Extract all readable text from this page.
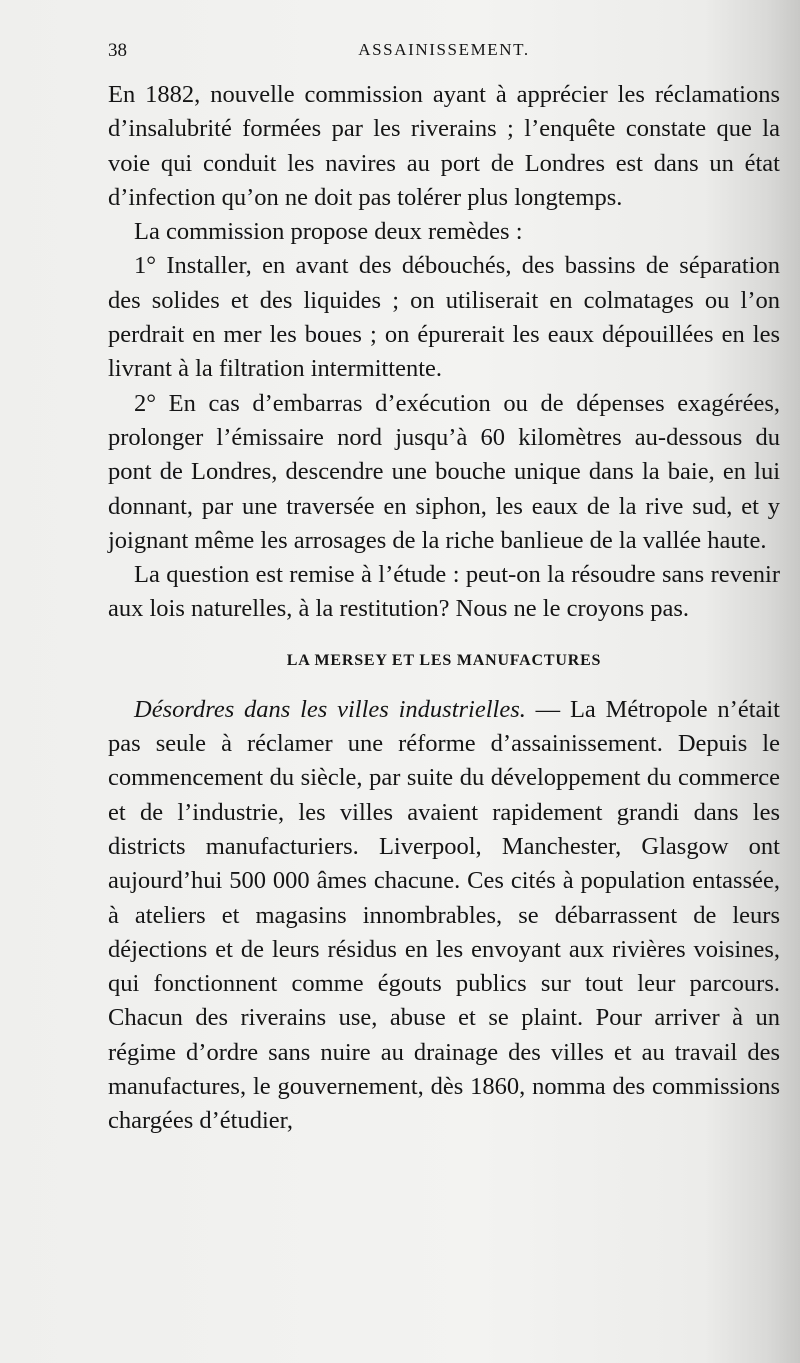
38	ASSAINISSEMENT.

En 1882, nouvelle commission ayant à apprécier les réclamations d’insalubrité formées par les riverains ; l’enquête constate que la voie qui conduit les navires au port de Londres est dans un état d’infection qu’on ne doit pas tolérer plus longtemps.

La commission propose deux remèdes :

1° Installer, en avant des débouchés, des bassins de séparation des solides et des liquides ; on utiliserait en colmatages ou l’on perdrait en mer les boues ; on épurerait les eaux dépouillées en les livrant à la filtration intermittente.

2° En cas d’embarras d’exécution ou de dépenses exagérées, prolonger l’émissaire nord jusqu’à 60 kilomètres au-dessous du pont de Londres, descendre une bouche unique dans la baie, en lui donnant, par une traversée en siphon, les eaux de la rive sud, et y joignant même les arrosages de la riche banlieue de la vallée haute.

La question est remise à l’étude : peut-on la résoudre sans revenir aux lois naturelles, à la restitution? Nous ne le croyons pas.

LA MERSEY ET LES MANUFACTURES

Désordres dans les villes industrielles. — La Métropole n’était pas seule à réclamer une réforme d’assainissement. Depuis le commencement du siècle, par suite du développement du commerce et de l’industrie, les villes avaient rapidement grandi dans les districts manufacturiers. Liverpool, Manchester, Glasgow ont aujourd’hui 500 000 âmes chacune. Ces cités à population entassée, à ateliers et magasins innombrables, se débarrassent de leurs déjections et de leurs résidus en les envoyant aux rivières voisines, qui fonctionnent comme égouts publics sur tout leur parcours. Chacun des riverains use, abuse et se plaint. Pour arriver à un régime d’ordre sans nuire au drainage des villes et au travail des manufactures, le gouvernement, dès 1860, nomma des commissions chargées d’étudier,
